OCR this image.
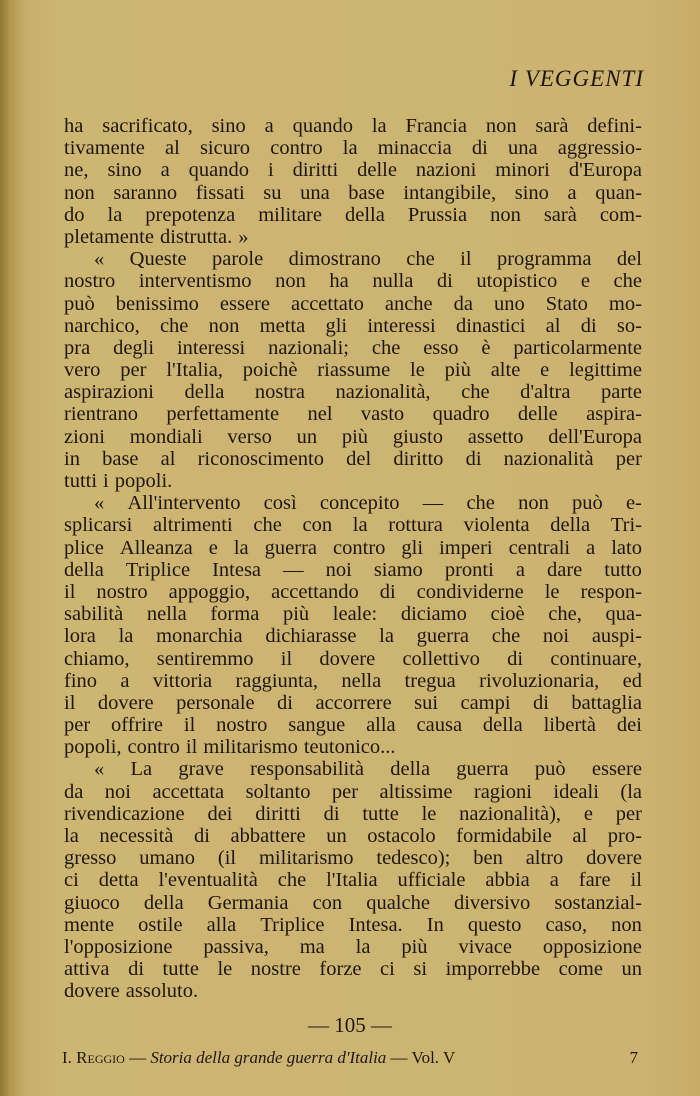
I VEGGENTI
ha sacrificato, sino a quando la Francia non sarà defini-
tivamente al sicuro contro la minaccia di una aggressio-
ne, sino a quando i diritti delle nazioni minori d'Europa
non saranno fissati su una base intangibile, sino a quan-
do la prepotenza militare della Prussia non sarà com-
pletamente distrutta. »
« Queste parole dimostrano che il programma del
nostro interventismo non ha nulla di utopistico e che
può benissimo essere accettato anche da uno Stato mo-
narchico, che non metta gli interessi dinastici al di so-
pra degli interessi nazionali; che esso è particolarmente
vero per l'Italia, poichè riassume le più alte e legittime
aspirazioni della nostra nazionalità, che d'altra parte
rientrano perfettamente nel vasto quadro delle aspira-
zioni mondiali verso un più giusto assetto dell'Europa
in base al riconoscimento del diritto di nazionalità per
tutti i popoli.
« All'intervento così concepito — che non può e-
splicarsi altrimenti che con la rottura violenta della Tri-
plice Alleanza e la guerra contro gli imperi centrali a lato
della Triplice Intesa — noi siamo pronti a dare tutto
il nostro appoggio, accettando di condividerne le respon-
sabilità nella forma più leale: diciamo cioè che, qua-
lora la monarchia dichiarasse la guerra che noi auspi-
chiamo, sentiremmo il dovere collettivo di continuare,
fino a vittoria raggiunta, nella tregua rivoluzionaria, ed
il dovere personale di accorrere sui campi di battaglia
per offrire il nostro sangue alla causa della libertà dei
popoli, contro il militarismo teutonico...
« La grave responsabilità della guerra può essere
da noi accettata soltanto per altissime ragioni ideali (la
rivendicazione dei diritti di tutte le nazionalità), e per
la necessità di abbattere un ostacolo formidabile al pro-
gresso umano (il militarismo tedesco); ben altro dovere
ci detta l'eventualità che l'Italia ufficiale abbia a fare il
giuoco della Germania con qualche diversivo sostanzial-
mente ostile alla Triplice Intesa. In questo caso, non
l'opposizione passiva, ma la più vivace opposizione
attiva di tutte le nostre forze ci si imporrebbe come un
dovere assoluto.
— 105 —
I. Reggio — Storia della grande guerra d'Italia — Vol. V	7
